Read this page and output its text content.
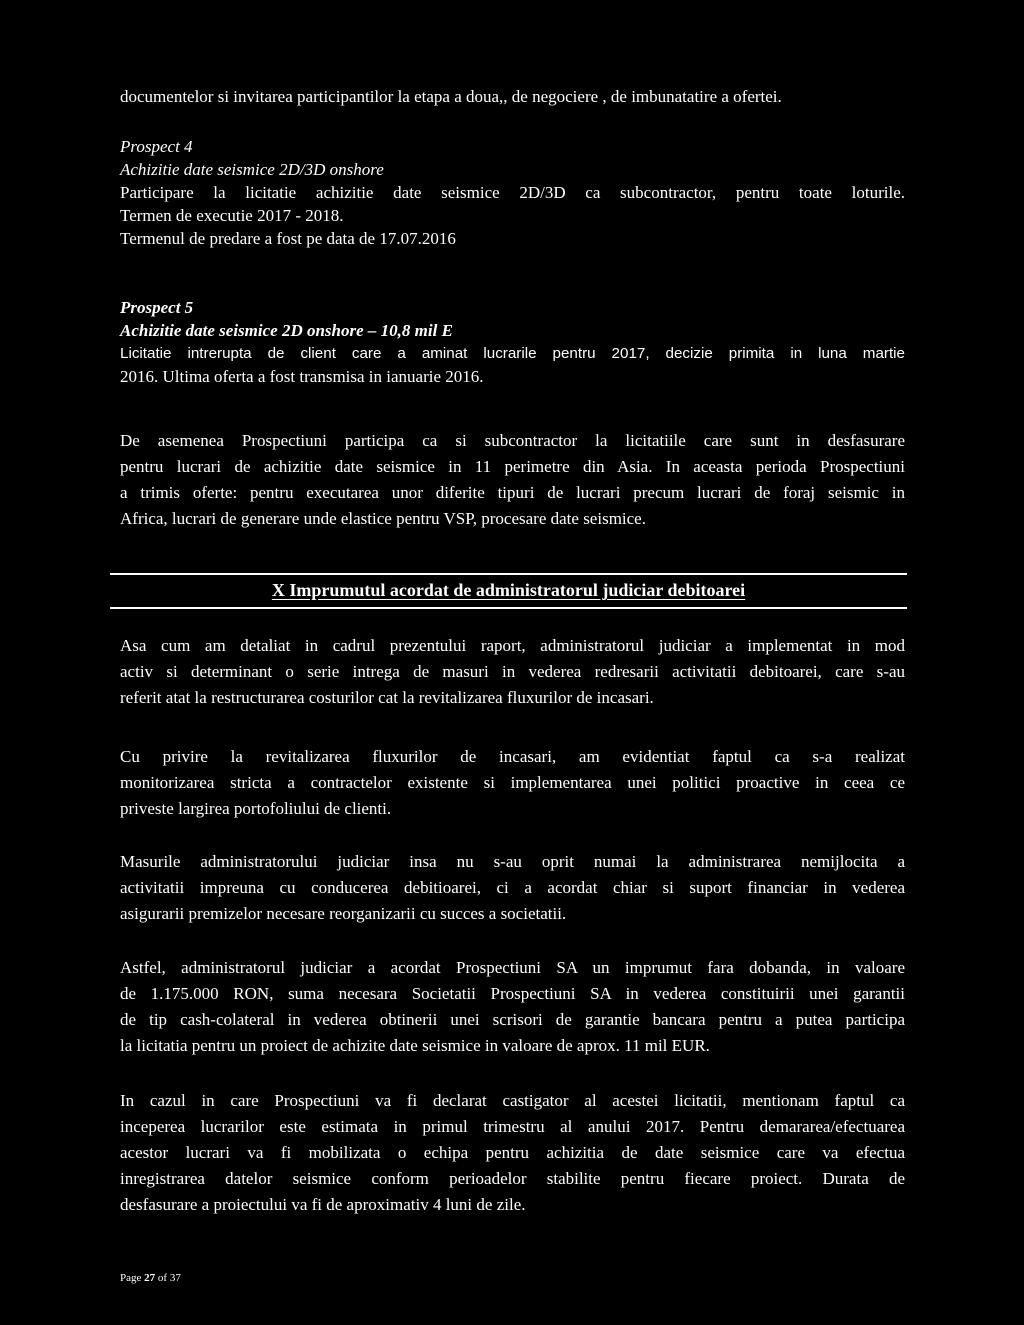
documentelor si invitarea participantilor la etapa a doua,, de negociere , de imbunatatire a ofertei.

Prospect 4
Achizitie date seismice 2D/3D onshore
Participare la licitatie achizitie date seismice 2D/3D ca subcontractor, pentru toate loturile.
Termen de executie 2017 - 2018.
Termenul de predare a fost pe data de 17.07.2016
Prospect 5
Achizitie date seismice 2D onshore – 10,8 mil E
Licitatie intrerupta de client care a aminat lucrarile pentru 2017, decizie primita in luna martie
2016. Ultima oferta a fost transmisa in ianuarie 2016.
De asemenea Prospectiuni participa ca si subcontractor la licitatiile care sunt in desfasurare
pentru lucrari de achizitie date seismice in 11 perimetre din Asia. In aceasta perioda Prospectiuni
a trimis oferte: pentru executarea unor diferite tipuri de lucrari precum lucrari de foraj seismic in
Africa, lucrari de generare unde elastice pentru VSP, procesare date seismice.
X Imprumutul acordat de administratorul judiciar debitoarei
Asa cum am detaliat in cadrul prezentului raport, administratorul judiciar a implementat in mod
activ si determinant o serie intrega de masuri in vederea redresarii activitatii debitoarei, care s-au
referit atat la restructurarea costurilor cat la revitalizarea fluxurilor de incasari.
Cu privire la revitalizarea fluxurilor de incasari, am evidentiat faptul ca s-a realizat
monitorizarea stricta a contractelor existente si implementarea unei politici proactive in ceea ce
priveste largirea portofoliului de clienti.
Masurile administratorului judiciar insa nu s-au oprit numai la administrarea nemijlocita a
activitatii impreuna cu conducerea debitioarei, ci a acordat chiar si suport financiar in vederea
asigurarii premizelor necesare reorganizarii cu succes a societatii.
Astfel, administratorul judiciar a acordat Prospectiuni SA un imprumut fara dobanda, in valoare
de 1.175.000 RON, suma necesara Societatii Prospectiuni SA in vederea constituirii unei garantii
de tip cash-colateral in vederea obtinerii unei scrisori de garantie bancara pentru a putea participa
la licitatia pentru un proiect de achizite date seismice in valoare de aprox. 11 mil EUR.
In cazul in care Prospectiuni va fi declarat castigator al acestei licitatii, mentionam faptul ca
inceperea lucrarilor este estimata in primul trimestru al anului 2017. Pentru demararea/efectuarea
acestor lucrari va fi mobilizata o echipa pentru achizitia de date seismice care va efectua
inregistrarea datelor seismice conform perioadelor stabilite pentru fiecare proiect. Durata de
desfasurare a proiectului va fi de aproximativ 4 luni de zile.
Page 27 of 37
